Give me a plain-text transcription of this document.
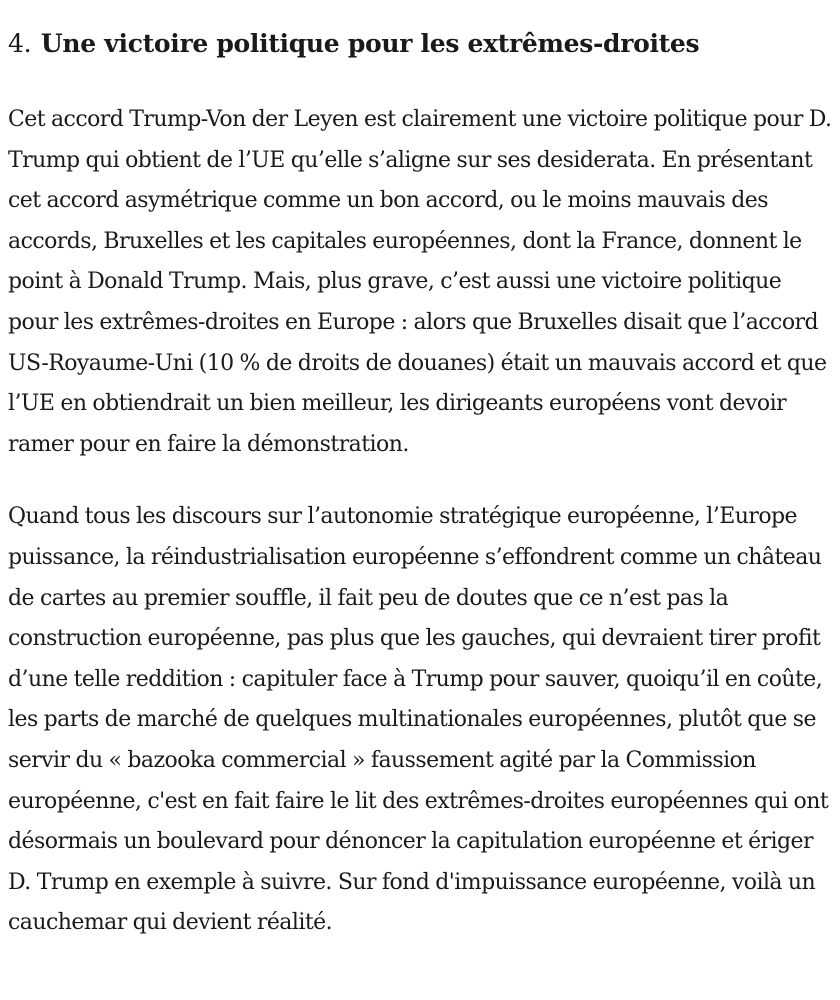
4. Une victoire politique pour les extrêmes-droites

Cet accord Trump-Von der Leyen est clairement une victoire politique pour D. Trump qui obtient de l’UE qu’elle s’aligne sur ses desiderata. En présentant cet accord asymétrique comme un bon accord, ou le moins mauvais des accords, Bruxelles et les capitales européennes, dont la France, donnent le point à Donald Trump. Mais, plus grave, c’est aussi une victoire politique pour les extrêmes-droites en Europe : alors que Bruxelles disait que l’accord US-Royaume-Uni (10 % de droits de douanes) était un mauvais accord et que l’UE en obtiendrait un bien meilleur, les dirigeants européens vont devoir ramer pour en faire la démonstration.

Quand tous les discours sur l’autonomie stratégique européenne, l’Europe puissance, la réindustrialisation européenne s’effondrent comme un château de cartes au premier souffle, il fait peu de doutes que ce n’est pas la construction européenne, pas plus que les gauches, qui devraient tirer profit d’une telle reddition : capituler face à Trump pour sauver, quoiqu’il en coûte, les parts de marché de quelques multinationales européennes, plutôt que se servir du « bazooka commercial » faussement agité par la Commission européenne, c'est en fait faire le lit des extrêmes-droites européennes qui ont désormais un boulevard pour dénoncer la capitulation européenne et ériger D. Trump en exemple à suivre. Sur fond d'impuissance européenne, voilà un cauchemar qui devient réalité.
